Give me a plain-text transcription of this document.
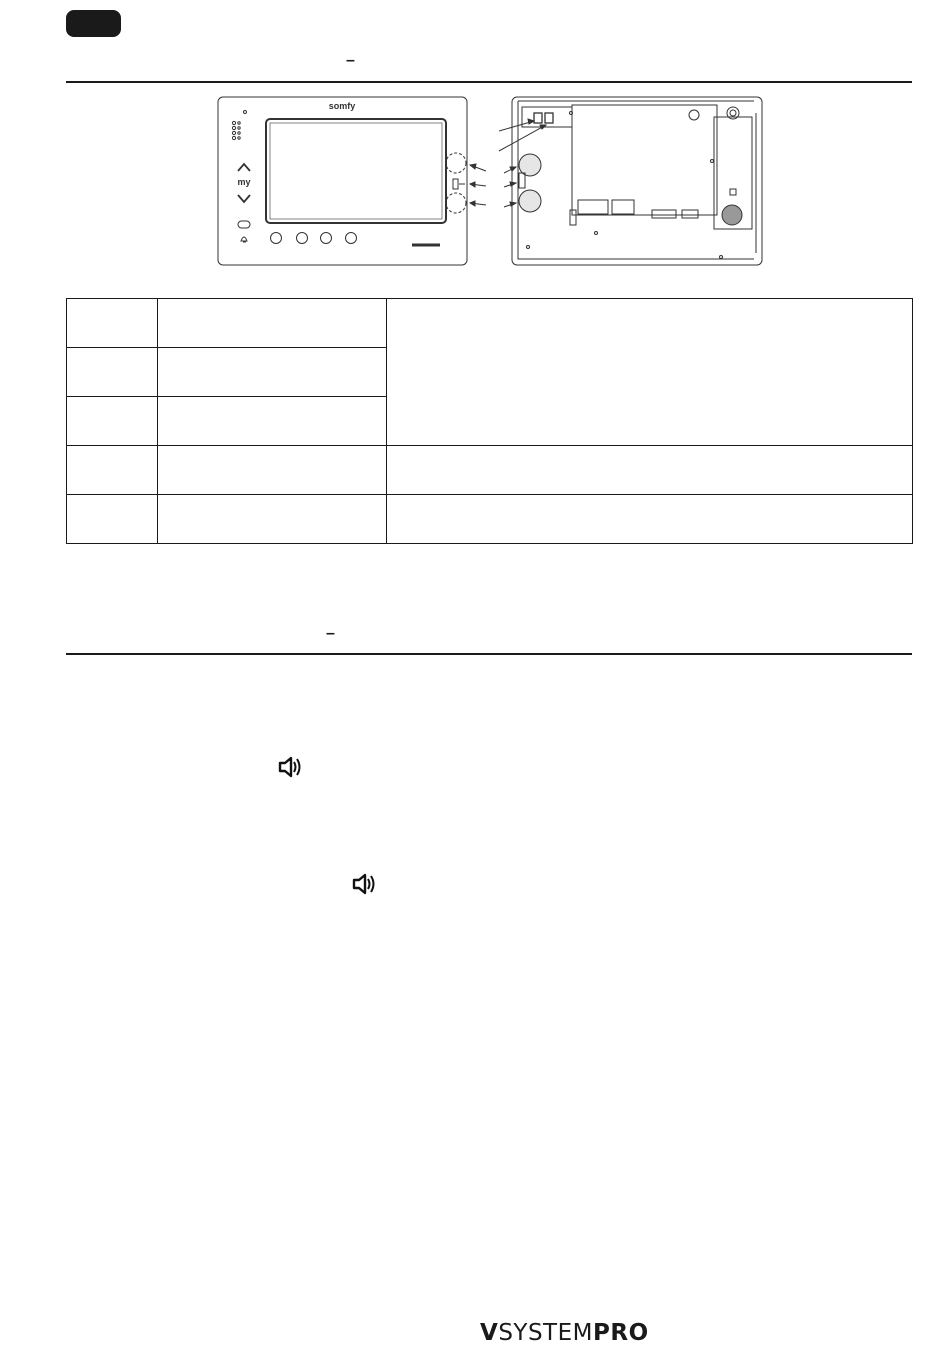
–
somfy
my

–
VSYSTEMPRO
